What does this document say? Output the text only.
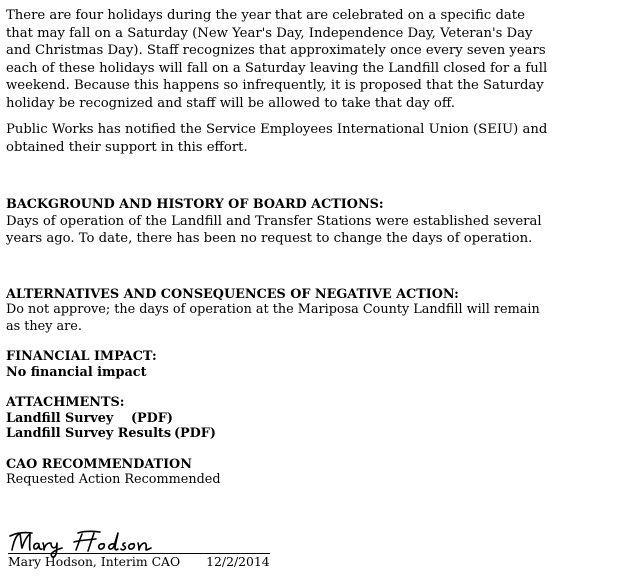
There are four holidays during the year that are celebrated on a specific date that may fall on a Saturday (New Year's Day, Independence Day, Veteran's Day and Christmas Day). Staff recognizes that approximately once every seven years each of these holidays will fall on a Saturday leaving the Landfill closed for a full weekend. Because this happens so infrequently, it is proposed that the Saturday holiday be recognized and staff will be allowed to take that day off.

Public Works has notified the Service Employees International Union (SEIU) and obtained their support in this effort.

BACKGROUND AND HISTORY OF BOARD ACTIONS:

Days of operation of the Landfill and Transfer Stations were established several years ago. To date, there has been no request to change the days of operation.

ALTERNATIVES AND CONSEQUENCES OF NEGATIVE ACTION:

Do not approve; the days of operation at the Mariposa County Landfill will remain as they are.

FINANCIAL IMPACT:

No financial impact

ATTACHMENTS:

Landfill Survey	(PDF)
Landfill Survey Results (PDF)

CAO RECOMMENDATION

Requested Action Recommended

Mary Hodson, Interim CAO 12/2/2014
